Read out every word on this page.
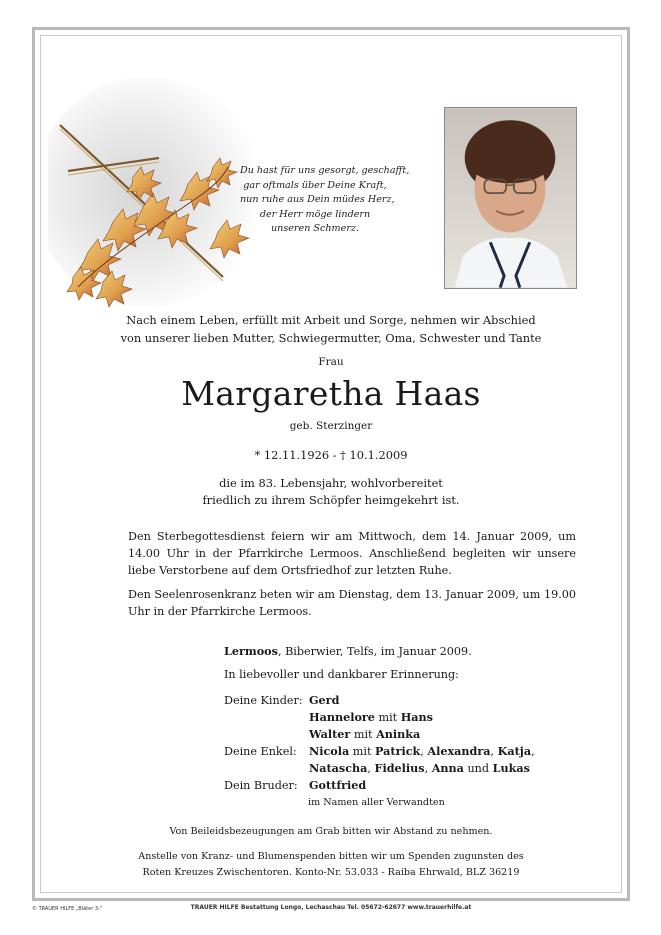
Du hast für uns gesorgt, geschafft,
gar oftmals über Deine Kraft,
nun ruhe aus Dein müdes Herz,
der Herr möge lindern
unseren Schmerz.
Nach einem Leben, erfüllt mit Arbeit und Sorge, nehmen wir Abschied
von unserer lieben Mutter, Schwiegermutter, Oma, Schwester und Tante
Frau
Margaretha Haas
geb. Sterzinger
* 12.11.1926 - † 10.1.2009
die im 83. Lebensjahr, wohlvorbereitet
friedlich zu ihrem Schöpfer heimgekehrt ist.
Den Sterbegottesdienst feiern wir am Mittwoch, dem 14. Januar 2009, um 14.00 Uhr in der Pfarrkirche Lermoos. Anschließend begleiten wir unsere liebe Verstorbene auf dem Ortsfriedhof zur letzten Ruhe.
Den Seelenrosenkranz beten wir am Dienstag, dem 13. Januar 2009, um 19.00 Uhr in der Pfarrkirche Lermoos.
Lermoos, Biberwier, Telfs, im Januar 2009.
In liebevoller und dankbarer Erinnerung:
Deine Kinder: Gerd
Hannelore mit Hans
Walter mit Aninka
Deine Enkel:	Nicola mit Patrick, Alexandra, Katja,
Natascha, Fidelius, Anna und Lukas
Dein Bruder:	Gottfried
im Namen aller Verwandten
Von Beileidsbezeugungen am Grab bitten wir Abstand zu nehmen.
Anstelle von Kranz- und Blumenspenden bitten wir um Spenden zugunsten des
Roten Kreuzes Zwischentoren. Konto-Nr. 53.033 - Raiba Ehrwald, BLZ 36219
© TRAUER HILFE „Bläter 3-“	TRAUER HILFE Bestattung Longo, Lechaschau Tel. 05672-62677 www.trauerhilfe.at
